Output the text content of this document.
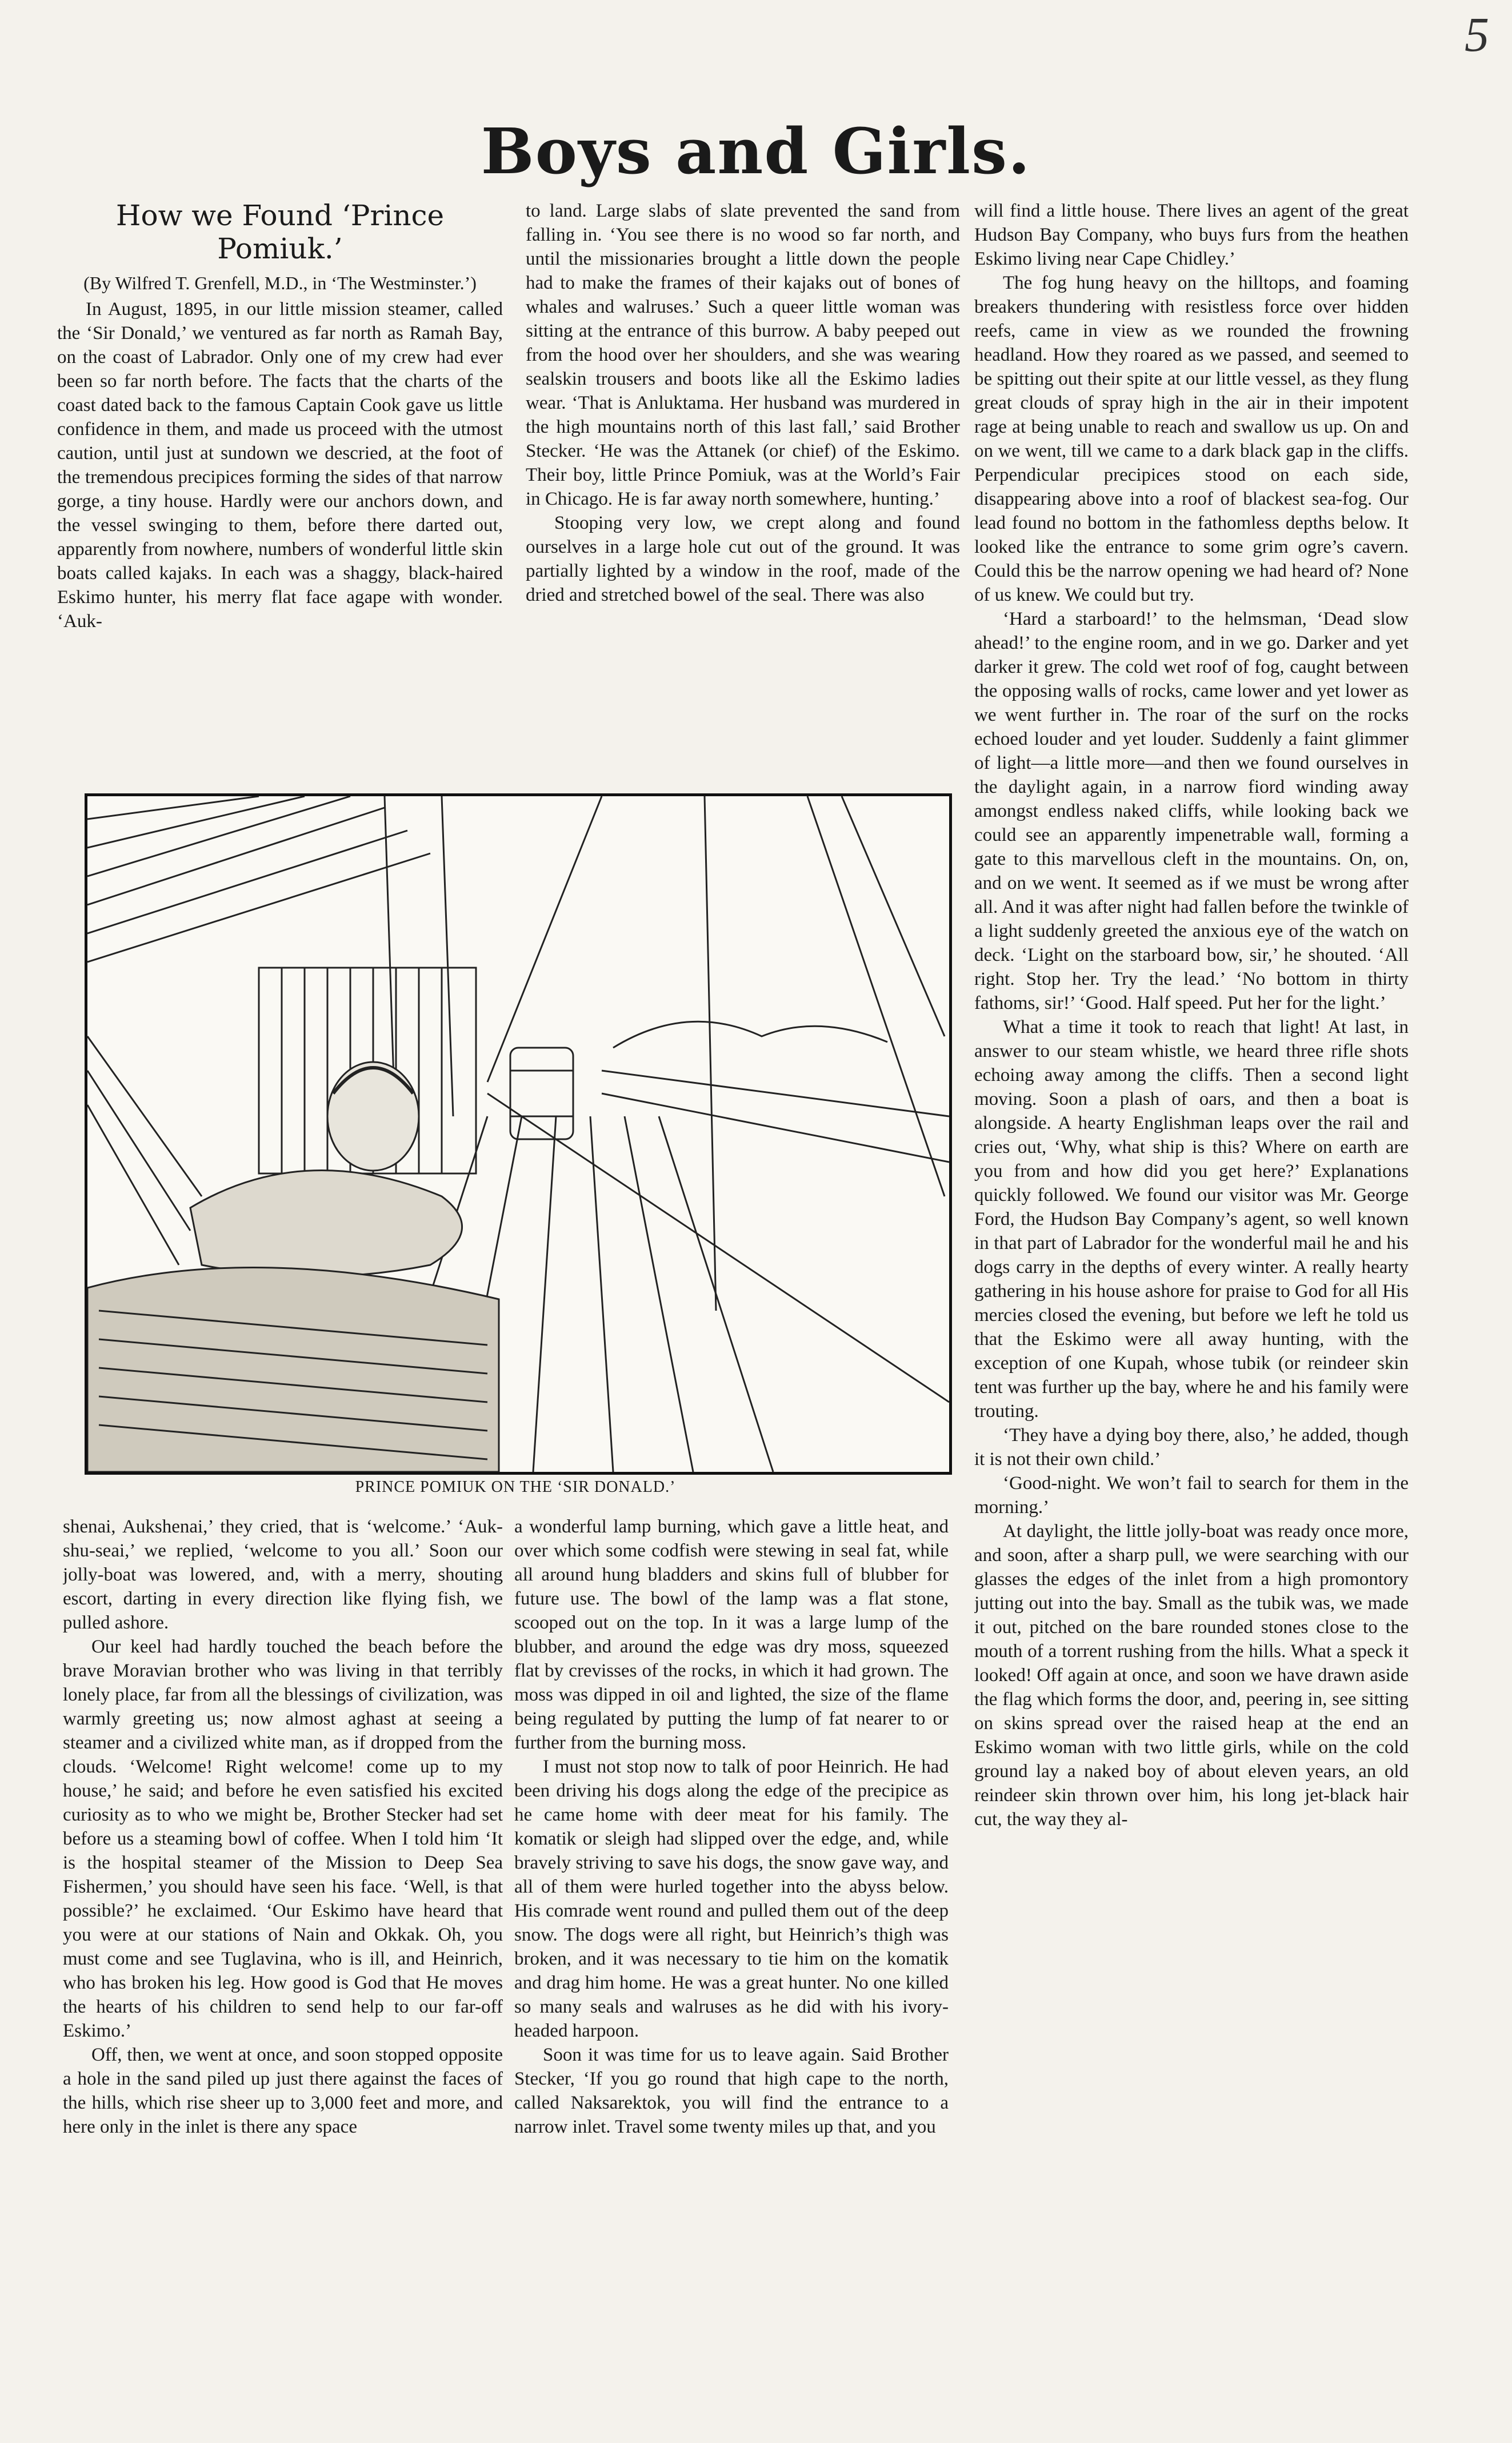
5
Boys and Girls.
How we Found ‘Prince
Pomiuk.’
(By Wilfred T. Grenfell, M.D., in ‘The Westminster.’)

In August, 1895, in our little mission steamer, called the ‘Sir Donald,’ we ventured as far north as Ramah Bay, on the coast of Labrador. Only one of my crew had ever been so far north before. The facts that the charts of the coast dated back to the famous Captain Cook gave us little confidence in them, and made us proceed with the utmost caution, until just at sundown we descried, at the foot of the tremendous precipices forming the sides of that narrow gorge, a tiny house. Hardly were our anchors down, and the vessel swinging to them, before there darted out, apparently from nowhere, numbers of wonderful little skin boats called kajaks. In each was a shaggy, black-haired Eskimo hunter, his merry flat face agape with wonder. ‘Auk-

to land. Large slabs of slate prevented the sand from falling in. ‘You see there is no wood so far north, and until the missionaries brought a little down the people had to make the frames of their kajaks out of bones of whales and walruses.’ Such a queer little woman was sitting at the entrance of this burrow. A baby peeped out from the hood over her shoulders, and she was wearing sealskin trousers and boots like all the Eskimo ladies wear. ‘That is Anluktama. Her husband was murdered in the high mountains north of this last fall,’ said Brother Stecker. ‘He was the Attanek (or chief) of the Eskimo. Their boy, little Prince Pomiuk, was at the World’s Fair in Chicago. He is far away north somewhere, hunting.’

Stooping very low, we crept along and found ourselves in a large hole cut out of the ground. It was partially lighted by a window in the roof, made of the dried and stretched bowel of the seal. There was also

will find a little house. There lives an agent of the great Hudson Bay Company, who buys furs from the heathen Eskimo living near Cape Chidley.’

The fog hung heavy on the hilltops, and foaming breakers thundering with resistless force over hidden reefs, came in view as we rounded the frowning headland. How they roared as we passed, and seemed to be spitting out their spite at our little vessel, as they flung great clouds of spray high in the air in their impotent rage at being unable to reach and swallow us up. On and on we went, till we came to a dark black gap in the cliffs. Perpendicular precipices stood on each side, disappearing above into a roof of blackest sea-fog. Our lead found no bottom in the fathomless depths below. It looked like the entrance to some grim ogre’s cavern. Could this be the narrow opening we had heard of? None of us knew. We could but try.

‘Hard a starboard!’ to the helmsman, ‘Dead slow ahead!’ to the engine room, and in we go. Darker and yet darker it grew. The cold wet roof of fog, caught between the opposing walls of rocks, came lower and yet lower as we went further in. The roar of the surf on the rocks echoed louder and yet louder. Suddenly a faint glimmer of light—a little more—and then we found ourselves in the daylight again, in a narrow fiord winding away amongst endless naked cliffs, while looking back we could see an apparently impenetrable wall, forming a gate to this marvellous cleft in the mountains. On, on, and on we went. It seemed as if we must be wrong after all. And it was after night had fallen before the twinkle of a light suddenly greeted the anxious eye of the watch on deck. ‘Light on the starboard bow, sir,’ he shouted. ‘All right. Stop her. Try the lead.’ ‘No bottom in thirty fathoms, sir!’ ‘Good. Half speed. Put her for the light.’

What a time it took to reach that light! At last, in answer to our steam whistle, we heard three rifle shots echoing away among the cliffs. Then a second light moving. Soon a plash of oars, and then a boat is alongside. A hearty Englishman leaps over the rail and cries out, ‘Why, what ship is this? Where on earth are you from and how did you get here?’ Explanations quickly followed. We found our visitor was Mr. George Ford, the Hudson Bay Company’s agent, so well known in that part of Labrador for the wonderful mail he and his dogs carry in the depths of every winter. A really hearty gathering in his house ashore for praise to God for all His mercies closed the evening, but before we left he told us that the Eskimo were all away hunting, with the exception of one Kupah, whose tubik (or reindeer skin tent was further up the bay, where he and his family were trouting.

‘They have a dying boy there, also,’ he added, though it is not their own child.’

‘Good-night. We won’t fail to search for them in the morning.’

At daylight, the little jolly-boat was ready once more, and soon, after a sharp pull, we were searching with our glasses the edges of the inlet from a high promontory jutting out into the bay. Small as the tubik was, we made it out, pitched on the bare rounded stones close to the mouth of a torrent rushing from the hills. What a speck it looked! Off again at once, and soon we have drawn aside the flag which forms the door, and, peering in, see sitting on skins spread over the raised heap at the end an Eskimo woman with two little girls, while on the cold ground lay a naked boy of about eleven years, an old reindeer skin thrown over him, his long jet-black hair cut, the way they al-

PRINCE POMIUK ON THE ‘SIR DONALD.’

shenai, Aukshenai,’ they cried, that is ‘welcome.’ ‘Auk-shu-seai,’ we replied, ‘welcome to you all.’ Soon our jolly-boat was lowered, and, with a merry, shouting escort, darting in every direction like flying fish, we pulled ashore.

Our keel had hardly touched the beach before the brave Moravian brother who was living in that terribly lonely place, far from all the blessings of civilization, was warmly greeting us; now almost aghast at seeing a steamer and a civilized white man, as if dropped from the clouds. ‘Welcome! Right welcome! come up to my house,’ he said; and before he even satisfied his excited curiosity as to who we might be, Brother Stecker had set before us a steaming bowl of coffee. When I told him ‘It is the hospital steamer of the Mission to Deep Sea Fishermen,’ you should have seen his face. ‘Well, is that possible?’ he exclaimed. ‘Our Eskimo have heard that you were at our stations of Nain and Okkak. Oh, you must come and see Tuglavina, who is ill, and Heinrich, who has broken his leg. How good is God that He moves the hearts of his children to send help to our far-off Eskimo.’

Off, then, we went at once, and soon stopped opposite a hole in the sand piled up just there against the faces of the hills, which rise sheer up to 3,000 feet and more, and here only in the inlet is there any space

a wonderful lamp burning, which gave a little heat, and over which some codfish were stewing in seal fat, while all around hung bladders and skins full of blubber for future use. The bowl of the lamp was a flat stone, scooped out on the top. In it was a large lump of the blubber, and around the edge was dry moss, squeezed flat by crevisses of the rocks, in which it had grown. The moss was dipped in oil and lighted, the size of the flame being regulated by putting the lump of fat nearer to or further from the burning moss.

I must not stop now to talk of poor Heinrich. He had been driving his dogs along the edge of the precipice as he came home with deer meat for his family. The komatik or sleigh had slipped over the edge, and, while bravely striving to save his dogs, the snow gave way, and all of them were hurled together into the abyss below. His comrade went round and pulled them out of the deep snow. The dogs were all right, but Heinrich’s thigh was broken, and it was necessary to tie him on the komatik and drag him home. He was a great hunter. No one killed so many seals and walruses as he did with his ivory-headed harpoon.

Soon it was time for us to leave again. Said Brother Stecker, ‘If you go round that high cape to the north, called Naksarektok, you will find the entrance to a narrow inlet. Travel some twenty miles up that, and you
